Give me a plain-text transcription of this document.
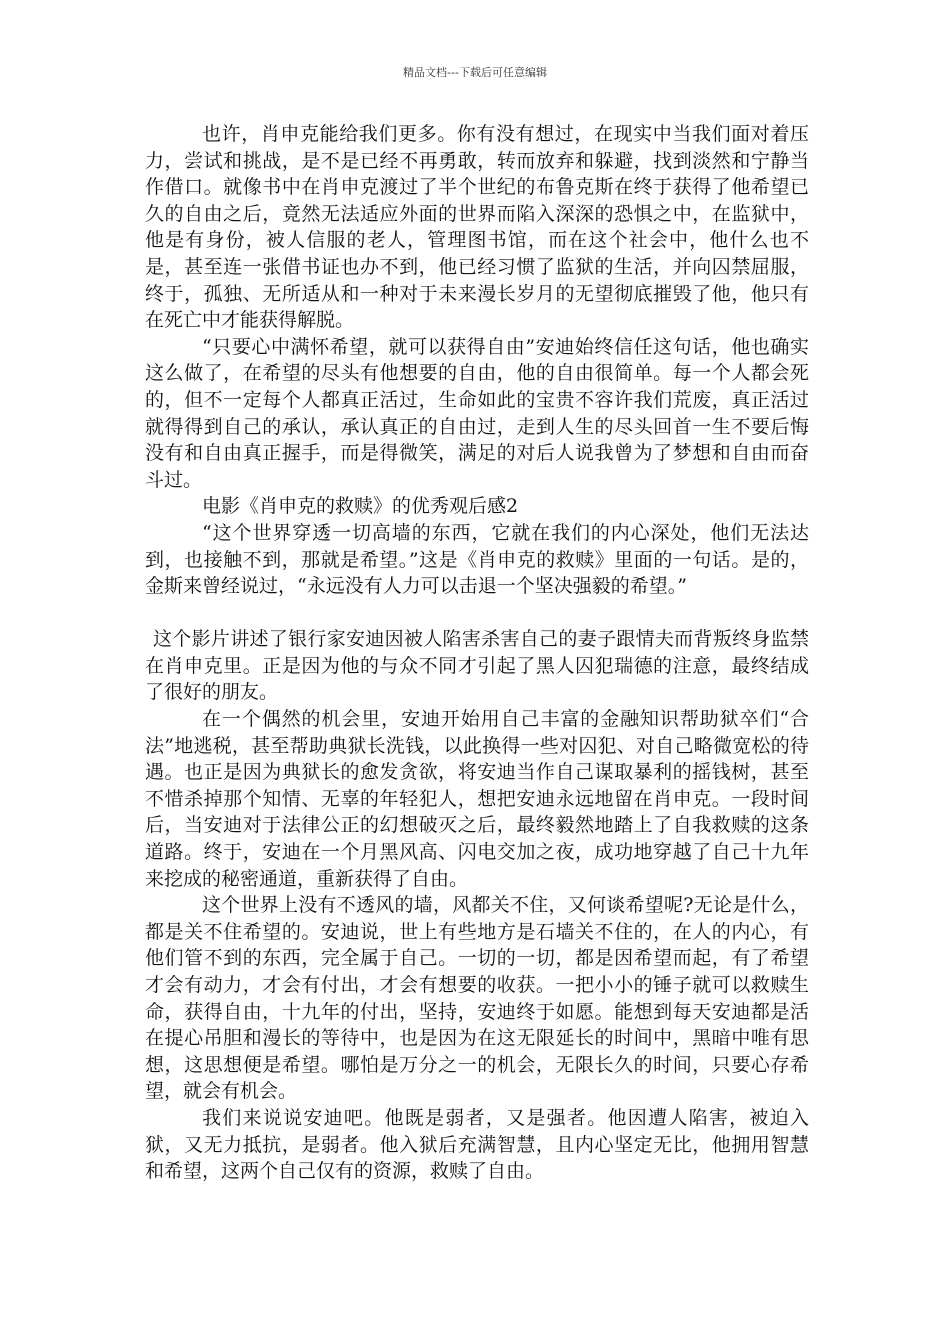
精品文档---下载后可任意编辑

也许，肖申克能给我们更多。你有没有想过，在现实中当我们面对着压力，尝试和挑战，是不是已经不再勇敢，转而放弃和躲避，找到淡然和宁静当作借口。就像书中在肖申克渡过了半个世纪的布鲁克斯在终于获得了他希望已久的自由之后，竟然无法适应外面的世界而陷入深深的恐惧之中，在监狱中，他是有身份，被人信服的老人，管理图书馆，而在这个社会中，他什么也不是，甚至连一张借书证也办不到，他已经习惯了监狱的生活，并向囚禁屈服，终于，孤独、无所适从和一种对于未来漫长岁月的无望彻底摧毁了他，他只有在死亡中才能获得解脱。

“只要心中满怀希望，就可以获得自由”安迪始终信任这句话，他也确实这么做了，在希望的尽头有他想要的自由，他的自由很简单。每一个人都会死的，但不一定每个人都真正活过，生命如此的宝贵不容许我们荒废，真正活过就得得到自己的承认，承认真正的自由过，走到人生的尽头回首一生不要后悔没有和自由真正握手，而是得微笑，满足的对后人说我曾为了梦想和自由而奋斗过。

电影《肖申克的救赎》的优秀观后感2

“这个世界穿透一切高墙的东西，它就在我们的内心深处，他们无法达到，也接触不到，那就是希望。”这是《肖申克的救赎》里面的一句话。是的，金斯来曾经说过，“永远没有人力可以击退一个坚决强毅的希望。”

这个影片讲述了银行家安迪因被人陷害杀害自己的妻子跟情夫而背叛终身监禁在肖申克里。正是因为他的与众不同才引起了黑人囚犯瑞德的注意，最终结成了很好的朋友。

在一个偶然的机会里，安迪开始用自己丰富的金融知识帮助狱卒们“合法”地逃税，甚至帮助典狱长洗钱，以此换得一些对囚犯、对自己略微宽松的待遇。也正是因为典狱长的愈发贪欲，将安迪当作自己谋取暴利的摇钱树，甚至不惜杀掉那个知情、无辜的年轻犯人，想把安迪永远地留在肖申克。一段时间后，当安迪对于法律公正的幻想破灭之后，最终毅然地踏上了自我救赎的这条道路。终于，安迪在一个月黑风高、闪电交加之夜，成功地穿越了自己十九年来挖成的秘密通道，重新获得了自由。

这个世界上没有不透风的墙，风都关不住，又何谈希望呢?无论是什么，都是关不住希望的。安迪说，世上有些地方是石墙关不住的，在人的内心，有他们管不到的东西，完全属于自己。一切的一切，都是因希望而起，有了希望才会有动力，才会有付出，才会有想要的收获。一把小小的锤子就可以救赎生命，获得自由，十九年的付出，坚持，安迪终于如愿。能想到每天安迪都是活在提心吊胆和漫长的等待中，也是因为在这无限延长的时间中，黑暗中唯有思想，这思想便是希望。哪怕是万分之一的机会，无限长久的时间，只要心存希望，就会有机会。

我们来说说安迪吧。他既是弱者，又是强者。他因遭人陷害，被迫入狱，又无力抵抗，是弱者。他入狱后充满智慧，且内心坚定无比，他拥用智慧和希望，这两个自己仅有的资源，救赎了自由。
